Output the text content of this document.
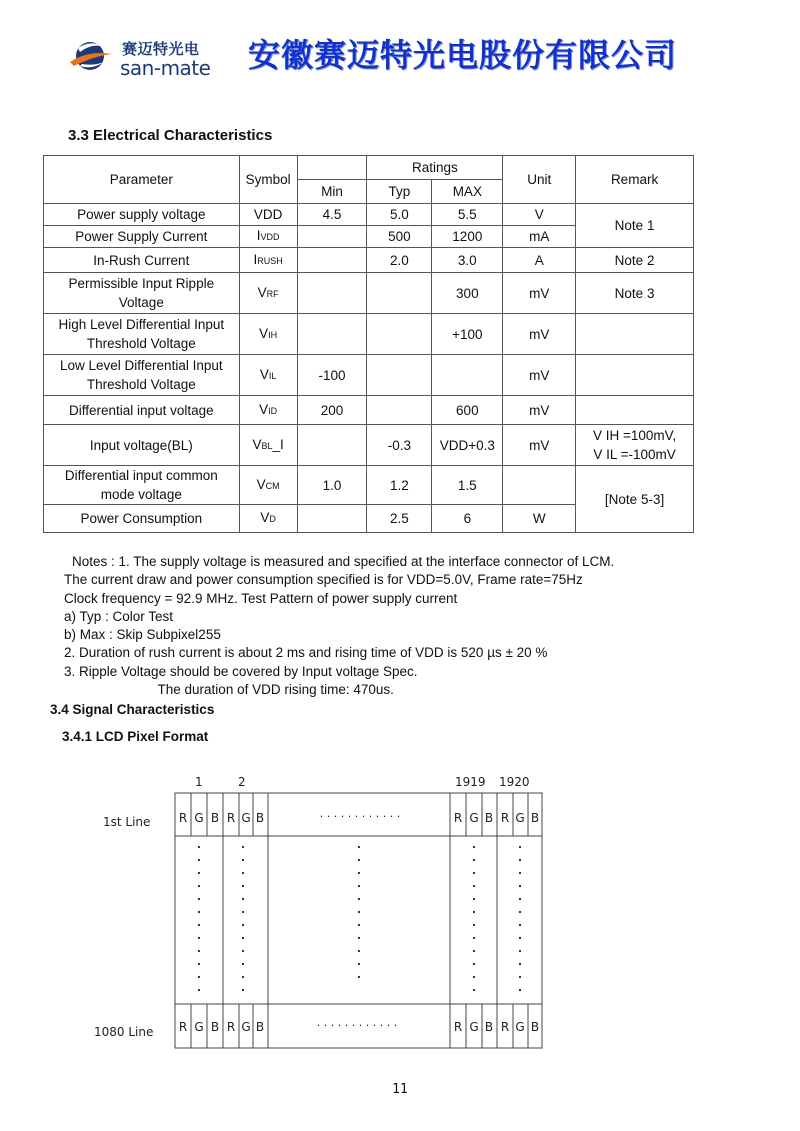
赛迈特光电
san-mate 安徽赛迈特光电股份有限公司
3.3 Electrical Characteristics
Parameter	Symbol		Ratings		Unit	Remark
		Min	Typ	MAX		
Power supply voltage	VDD	4.5	5.0	5.5	V	Note 1
Power Supply Current	IVDD		500	1200	mA	
In-Rush Current	IRUSH		2.0	3.0	A	Note 2

Permissible Input Ripple
Voltage	VRF			300	mV	Note 3

High Level Differential Input
Threshold Voltage	VIH			+100	mV	

Low Level Differential Input
Threshold Voltage	VIL	-100			mV	
Differential input voltage	VID	200		600	mV	
Input voltage(BL)	VBL_I		-0.3	VDD+0.3	mV	V IH =100mV,
V IL =-100mV

Differential input common
mode voltage	VCM	1.0	1.2	1.5		[Note 5-3]
Power Consumption	VD		2.5	6	W	
Notes : 1. The supply voltage is measured and specified at the interface connector of LCM.
The current draw and power consumption specified is for VDD=5.0V, Frame rate=75Hz
Clock frequency = 92.9 MHz. Test Pattern of power supply current
a) Typ : Color Test
b) Max : Skip Subpixel255
2. Duration of rush current is about 2 ms and rising time of VDD is 520 µs ± 20 %
3. Ripple Voltage should be covered by Input voltage Spec.
The duration of VDD rising time: 470us.
3.4 Signal Characteristics
3.4.1 LCD Pixel Format
1	2	1919 1920
1st Line
1080 Line
R G B R G B	R G B R G B
R G B R G B	R G B R G B
· · · · · · · · · · · ·
· · · · · · · · · · · ·
11
